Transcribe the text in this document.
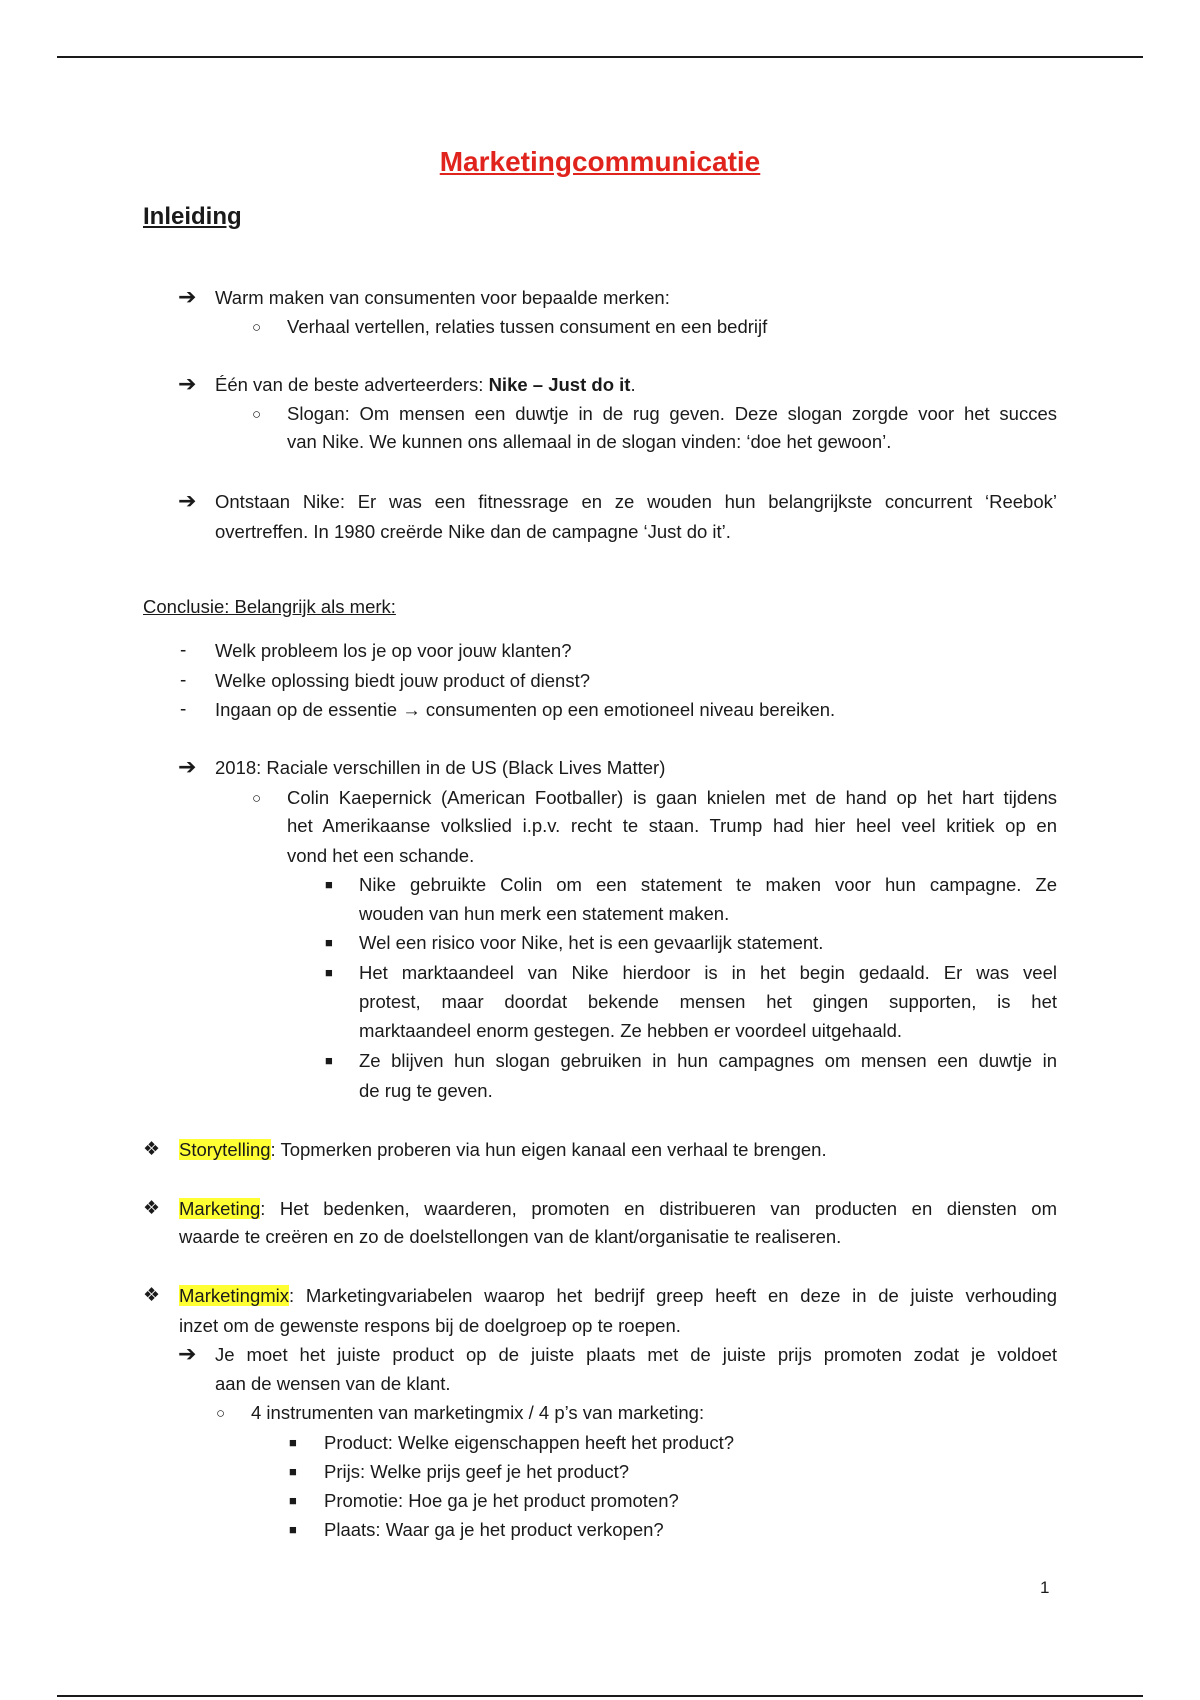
Marketingcommunicatie
Inleiding
➔ Warm maken van consumenten voor bepaalde merken:
○ Verhaal vertellen, relaties tussen consument en een bedrijf
➔ Één van de beste adverteerders: Nike – Just do it.
○ Slogan: Om mensen een duwtje in de rug geven. Deze slogan zorgde voor het succes
van Nike. We kunnen ons allemaal in de slogan vinden: ‘doe het gewoon’.
➔ Ontstaan Nike: Er was een fitnessrage en ze wouden hun belangrijkste concurrent ‘Reebok’
overtreffen. In 1980 creërde Nike dan de campagne ‘Just do it’.
Conclusie: Belangrijk als merk:
- Welk probleem los je op voor jouw klanten?
- Welke oplossing biedt jouw product of dienst?
- Ingaan op de essentie → consumenten op een emotioneel niveau bereiken.
➔ 2018: Raciale verschillen in de US (Black Lives Matter)
○ Colin Kaepernick (American Footballer) is gaan knielen met de hand op het hart tijdens
het Amerikaanse volkslied i.p.v. recht te staan. Trump had hier heel veel kritiek op en
vond het een schande.
■ Nike gebruikte Colin om een statement te maken voor hun campagne. Ze
wouden van hun merk een statement maken.
■ Wel een risico voor Nike, het is een gevaarlijk statement.
■ Het marktaandeel van Nike hierdoor is in het begin gedaald. Er was veel
protest, maar doordat bekende mensen het gingen supporten, is het
marktaandeel enorm gestegen. Ze hebben er voordeel uitgehaald.
■ Ze blijven hun slogan gebruiken in hun campagnes om mensen een duwtje in
de rug te geven.
❖ Storytelling: Topmerken proberen via hun eigen kanaal een verhaal te brengen.
❖ Marketing: Het bedenken, waarderen, promoten en distribueren van producten en diensten om
waarde te creëren en zo de doelstellongen van de klant/organisatie te realiseren.
❖ Marketingmix: Marketingvariabelen waarop het bedrijf greep heeft en deze in de juiste verhouding
inzet om de gewenste respons bij de doelgroep op te roepen.
➔ Je moet het juiste product op de juiste plaats met de juiste prijs promoten zodat je voldoet
aan de wensen van de klant.
○ 4 instrumenten van marketingmix / 4 p’s van marketing:
■ Product: Welke eigenschappen heeft het product?
■ Prijs: Welke prijs geef je het product?
■ Promotie: Hoe ga je het product promoten?
■ Plaats: Waar ga je het product verkopen?
1
